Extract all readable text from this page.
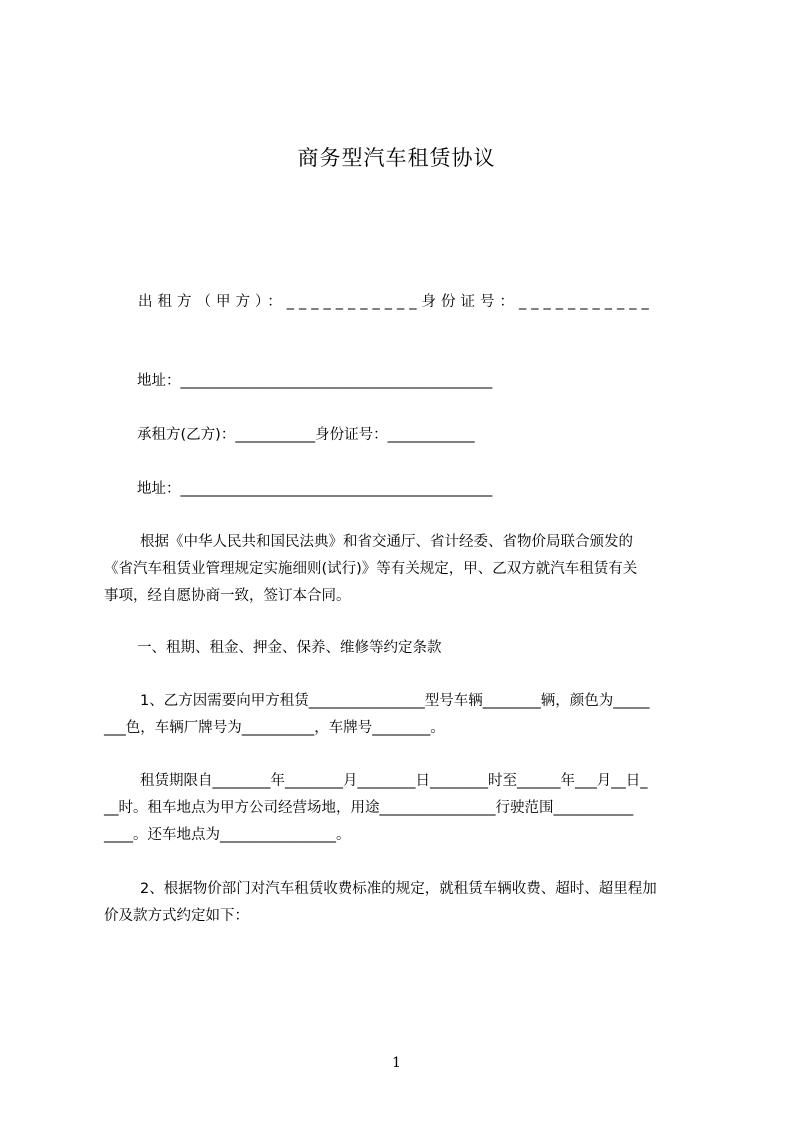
商务型汽车租赁协议
出租方（甲方）：___________身份证号：___________
地址：___________________________________________
承租方(乙方)：___________身份证号：____________
地址：___________________________________________
根据《中华人民共和国民法典》和省交通厅、省计经委、省物价局联合颁发的
《省汽车租赁业管理规定实施细则(试行)》等有关规定，甲、乙双方就汽车租赁有关
事项，经自愿协商一致，签订本合同。
一、租期、租金、押金、保养、维修等约定条款
1、乙方因需要向甲方租赁________________型号车辆________辆，颜色为_____
___色，车辆厂牌号为__________，车牌号________。
租赁期限自________年________月________日________时至______年___月__日_
__时。租车地点为甲方公司经营场地，用途________________行驶范围___________
____。还车地点为________________。
2、根据物价部门对汽车租赁收费标准的规定，就租赁车辆收费、超时、超里程加
价及款方式约定如下：
1
